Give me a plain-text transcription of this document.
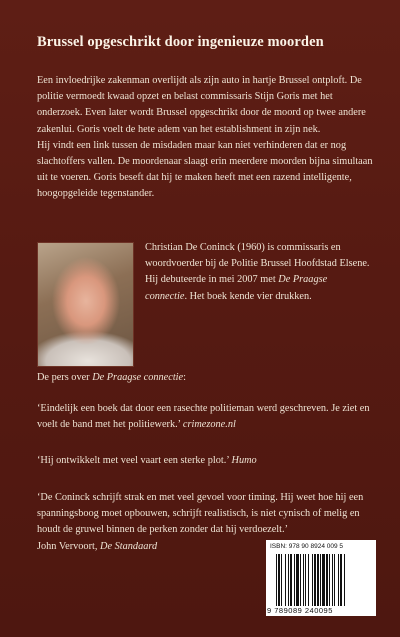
Brussel opgeschrikt door ingenieuze moorden

Een invloedrijke zakenman overlijdt als zijn auto in hartje Brussel ontploft. De politie vermoedt kwaad opzet en belast commissaris Stijn Goris met het onderzoek. Even later wordt Brussel opgeschrikt door de moord op twee andere zakenlui. Goris voelt de hete adem van het establishment in zijn nek.

Hij vindt een link tussen de misdaden maar kan niet verhinderen dat er nog slachtoffers vallen. De moordenaar slaagt erin meerdere moorden bijna simultaan uit te voeren. Goris beseft dat hij te maken heeft met een razend intelligente, hoogopgeleide tegenstander.

Christian De Coninck (1960) is commissaris en woordvoerder bij de Politie Brussel Hoofdstad Elsene. Hij debuteerde in mei 2007 met De Praagse connectie. Het boek kende vier drukken.

De pers over De Praagse connectie:

‘Eindelijk een boek dat door een rasechte politieman werd geschreven. Je ziet en voelt de band met het politiewerk.’ crimezone.nl

‘Hij ontwikkelt met veel vaart een sterke plot.’ Humo

‘De Coninck schrijft strak en met veel gevoel voor timing. Hij weet hoe hij een spanningsboog moet opbouwen, schrijft realistisch, is niet cynisch of melig en houdt de gruwel binnen de perken zonder dat hij verdoezelt.’
John Vervoort, De Standaard	ISBN: 978 90 8924 009 5

9 789089 240095
